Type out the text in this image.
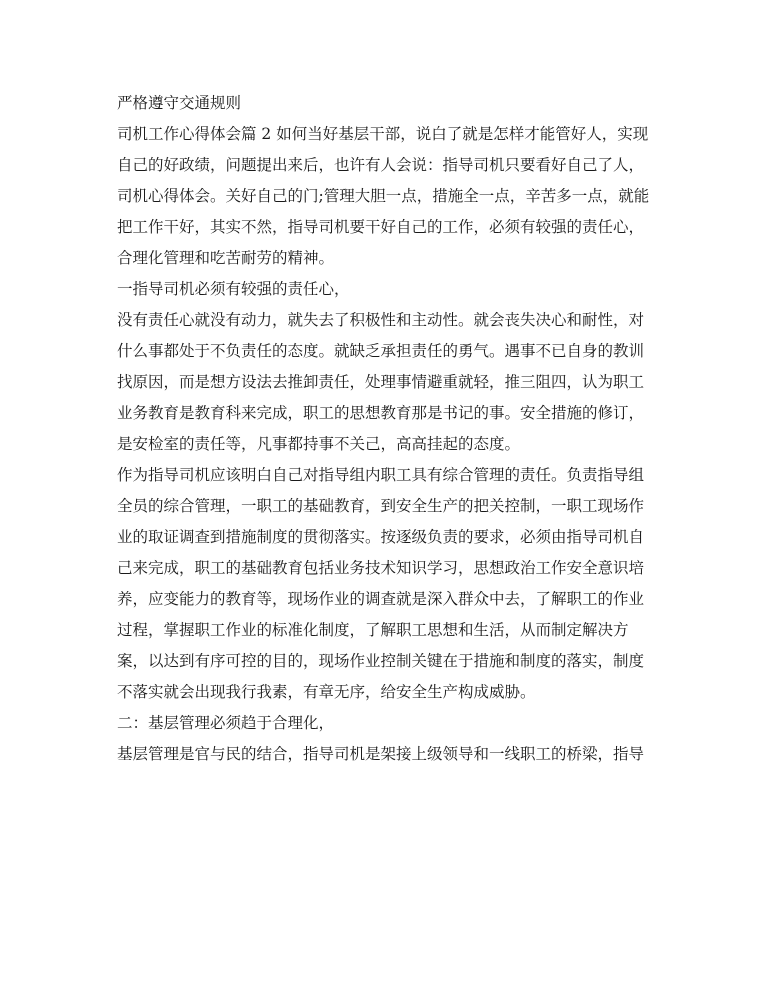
严格遵守交通规则

司机工作心得体会篇 2 如何当好基层干部，说白了就是怎样才能管好人，实现

自己的好政绩，问题提出来后，也许有人会说：指导司机只要看好自己了人，

司机心得体会。关好自己的门;管理大胆一点，措施全一点，辛苦多一点，就能

把工作干好，其实不然，指导司机要干好自己的工作，必须有较强的责任心，

合理化管理和吃苦耐劳的精神。

一指导司机必须有较强的责任心，

没有责任心就没有动力，就失去了积极性和主动性。就会丧失决心和耐性，对

什么事都处于不负责任的态度。就缺乏承担责任的勇气。遇事不已自身的教训

找原因，而是想方设法去推卸责任，处理事情避重就轻，推三阻四，认为职工

业务教育是教育科来完成，职工的思想教育那是书记的事。安全措施的修订，

是安检室的责任等，凡事都持事不关己，高高挂起的态度。

作为指导司机应该明白自己对指导组内职工具有综合管理的责任。负责指导组

全员的综合管理，一职工的基础教育，到安全生产的把关控制，一职工现场作

业的取证调查到措施制度的贯彻落实。按逐级负责的要求，必须由指导司机自

己来完成，职工的基础教育包括业务技术知识学习，思想政治工作安全意识培

养，应变能力的教育等，现场作业的调查就是深入群众中去，了解职工的作业

过程，掌握职工作业的标准化制度，了解职工思想和生活，从而制定解决方

案，以达到有序可控的目的，现场作业控制关键在于措施和制度的落实，制度

不落实就会出现我行我素，有章无序，给安全生产构成威胁。

二：基层管理必须趋于合理化，

基层管理是官与民的结合，指导司机是架接上级领导和一线职工的桥梁，指导
